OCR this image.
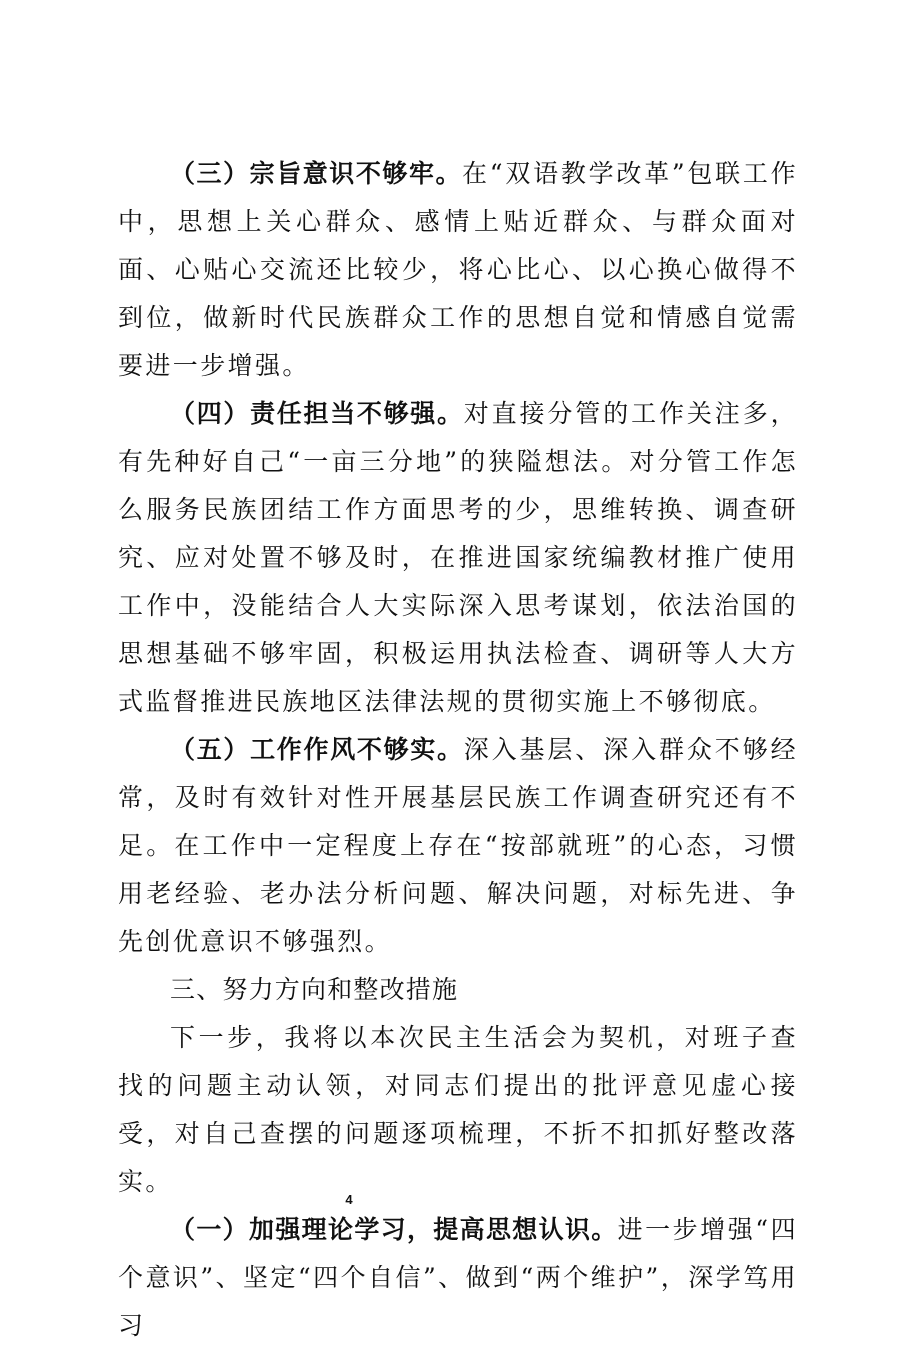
（三）宗旨意识不够牢。在“双语教学改革”包联工作中，思想上关心群众、感情上贴近群众、与群众面对面、心贴心交流还比较少，将心比心、以心换心做得不到位，做新时代民族群众工作的思想自觉和情感自觉需要进一步增强。

（四）责任担当不够强。对直接分管的工作关注多，有先种好自己“一亩三分地”的狭隘想法。对分管工作怎么服务民族团结工作方面思考的少，思维转换、调查研究、应对处置不够及时，在推进国家统编教材推广使用工作中，没能结合人大实际深入思考谋划，依法治国的思想基础不够牢固，积极运用执法检查、调研等人大方式监督推进民族地区法律法规的贯彻实施上不够彻底。

（五）工作作风不够实。深入基层、深入群众不够经常，及时有效针对性开展基层民族工作调查研究还有不足。在工作中一定程度上存在“按部就班”的心态，习惯用老经验、老办法分析问题、解决问题，对标先进、争先创优意识不够强烈。

三、努力方向和整改措施

下一步，我将以本次民主生活会为契机，对班子查找的问题主动认领，对同志们提出的批评意见虚心接受，对自己查摆的问题逐项梳理，不折不扣抓好整改落实。

（一）加强理论学习，提高思想认识。进一步增强“四个意识”、坚定“四个自信”、做到“两个维护”，深学笃用习

4
